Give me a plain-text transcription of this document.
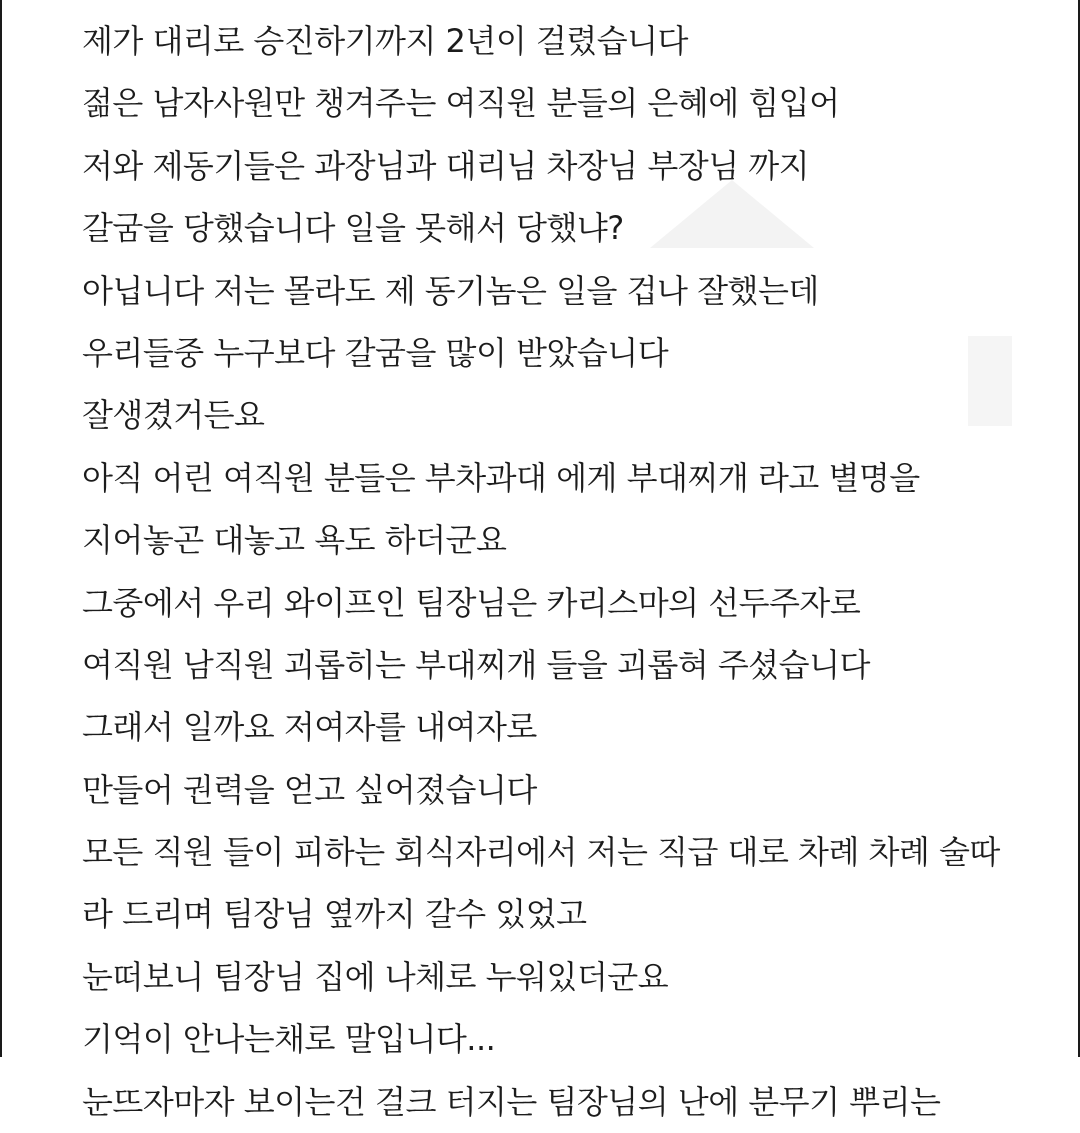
제가 대리로 승진하기까지 2년이 걸렸습니다
젊은 남자사원만 챙겨주는 여직원 분들의 은혜에 힘입어
저와 제동기들은 과장님과 대리님 차장님 부장님 까지
갈굼을 당했습니다 일을 못해서 당했냐?
아닙니다 저는 몰라도 제 동기놈은 일을 겁나 잘했는데
우리들중 누구보다 갈굼을 많이 받았습니다
잘생겼거든요
아직 어린 여직원 분들은 부차과대 에게 부대찌개 라고 별명을
지어놓곤 대놓고 욕도 하더군요
그중에서 우리 와이프인 팀장님은 카리스마의 선두주자로
여직원 남직원 괴롭히는 부대찌개 들을 괴롭혀 주셨습니다
그래서 일까요 저여자를 내여자로
만들어 권력을 얻고 싶어졌습니다
모든 직원 들이 피하는 회식자리에서 저는 직급 대로 차례 차례 술따
라 드리며 팀장님 옆까지 갈수 있었고
눈떠보니 팀장님 집에 나체로 누워있더군요
기억이 안나는채로 말입니다...
눈뜨자마자 보이는건 걸크 터지는 팀장님의 난에 분무기 뿌리는
